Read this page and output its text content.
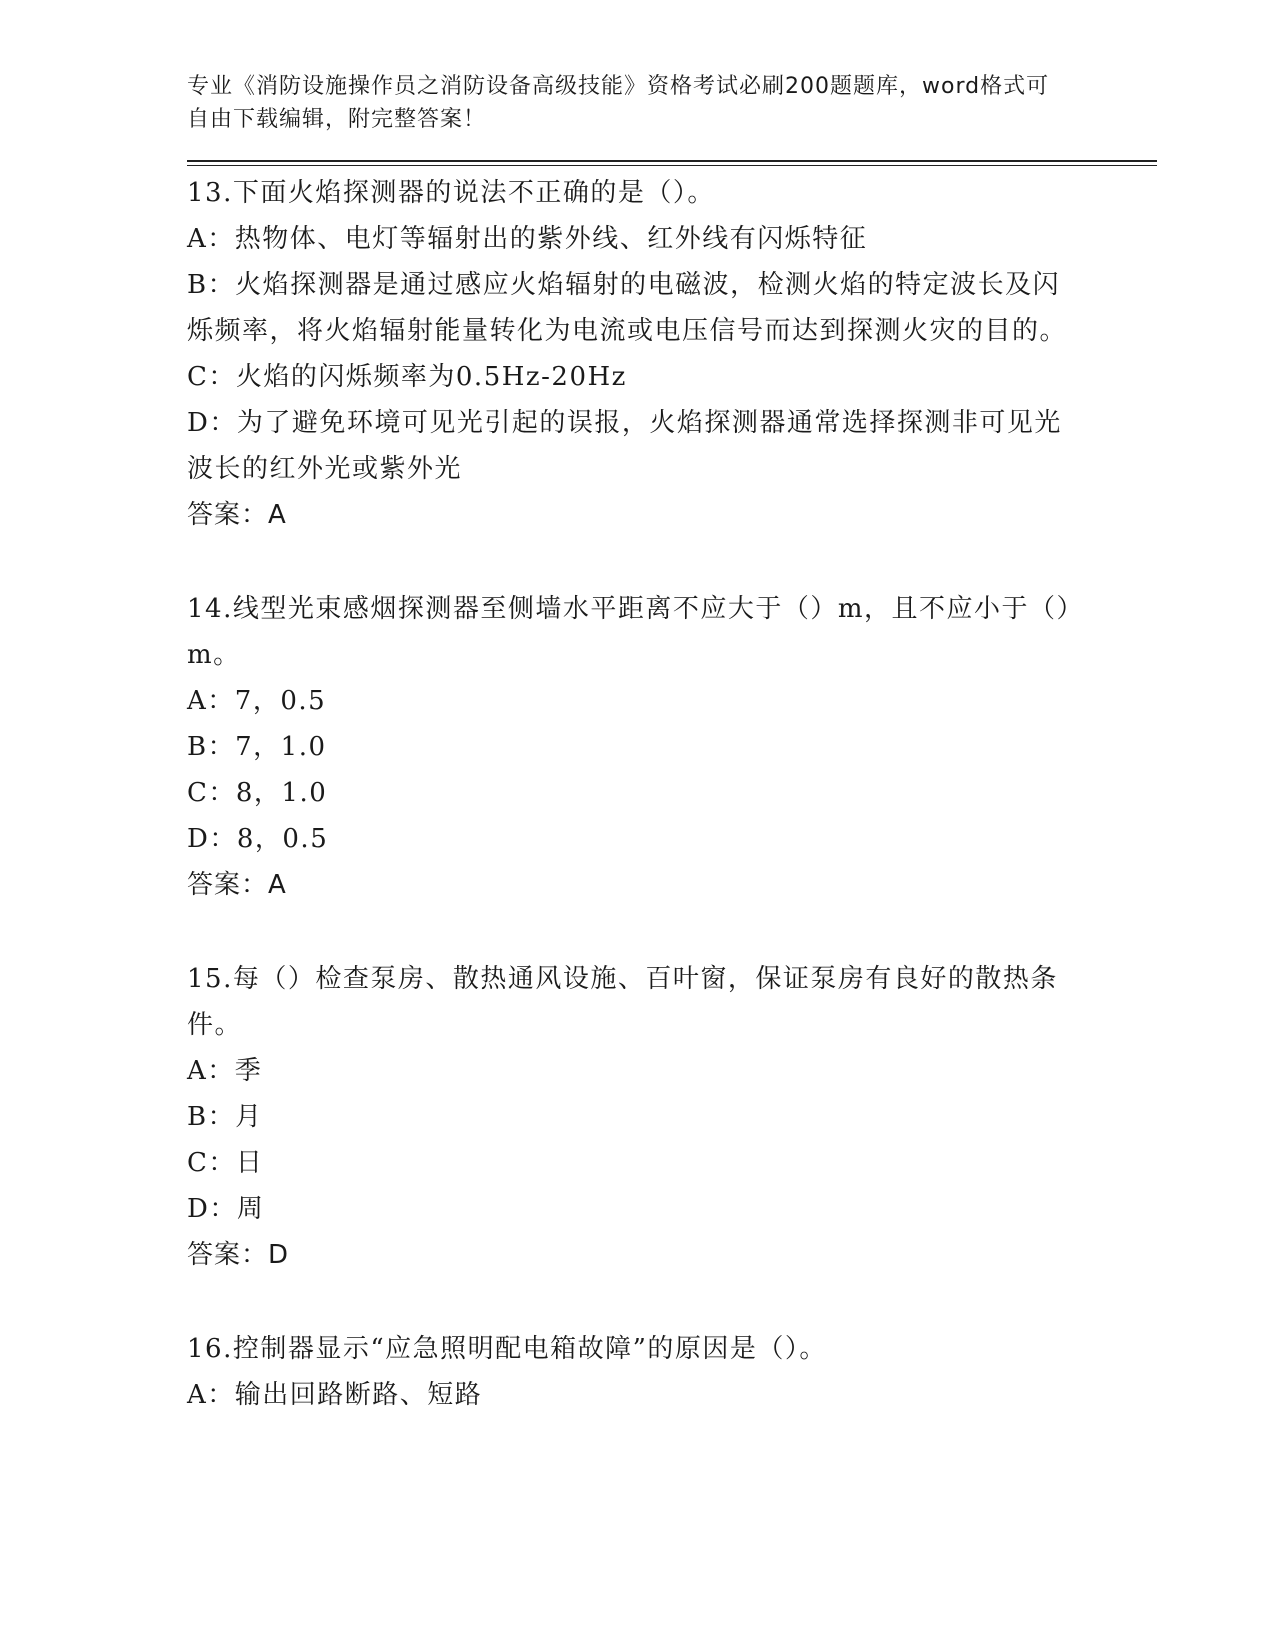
专业《消防设施操作员之消防设备高级技能》资格考试必刷200题题库，word格式可自由下载编辑，附完整答案！

13.下面火焰探测器的说法不正确的是（）。

A：热物体、电灯等辐射出的紫外线、红外线有闪烁特征

B：火焰探测器是通过感应火焰辐射的电磁波，检测火焰的特定波长及闪烁频率，将火焰辐射能量转化为电流或电压信号而达到探测火灾的目的。

C：火焰的闪烁频率为0.5Hz-20Hz

D：为了避免环境可见光引起的误报，火焰探测器通常选择探测非可见光波长的红外光或紫外光

答案：A

14.线型光束感烟探测器至侧墙水平距离不应大于（）m，且不应小于（）m。

A：7，0.5

B：7，1.0

C：8，1.0

D：8，0.5

答案：A

15.每（）检查泵房、散热通风设施、百叶窗，保证泵房有良好的散热条件。

A：季

B：月

C：日

D：周

答案：D

16.控制器显示“应急照明配电箱故障”的原因是（）。

A：输出回路断路、短路
